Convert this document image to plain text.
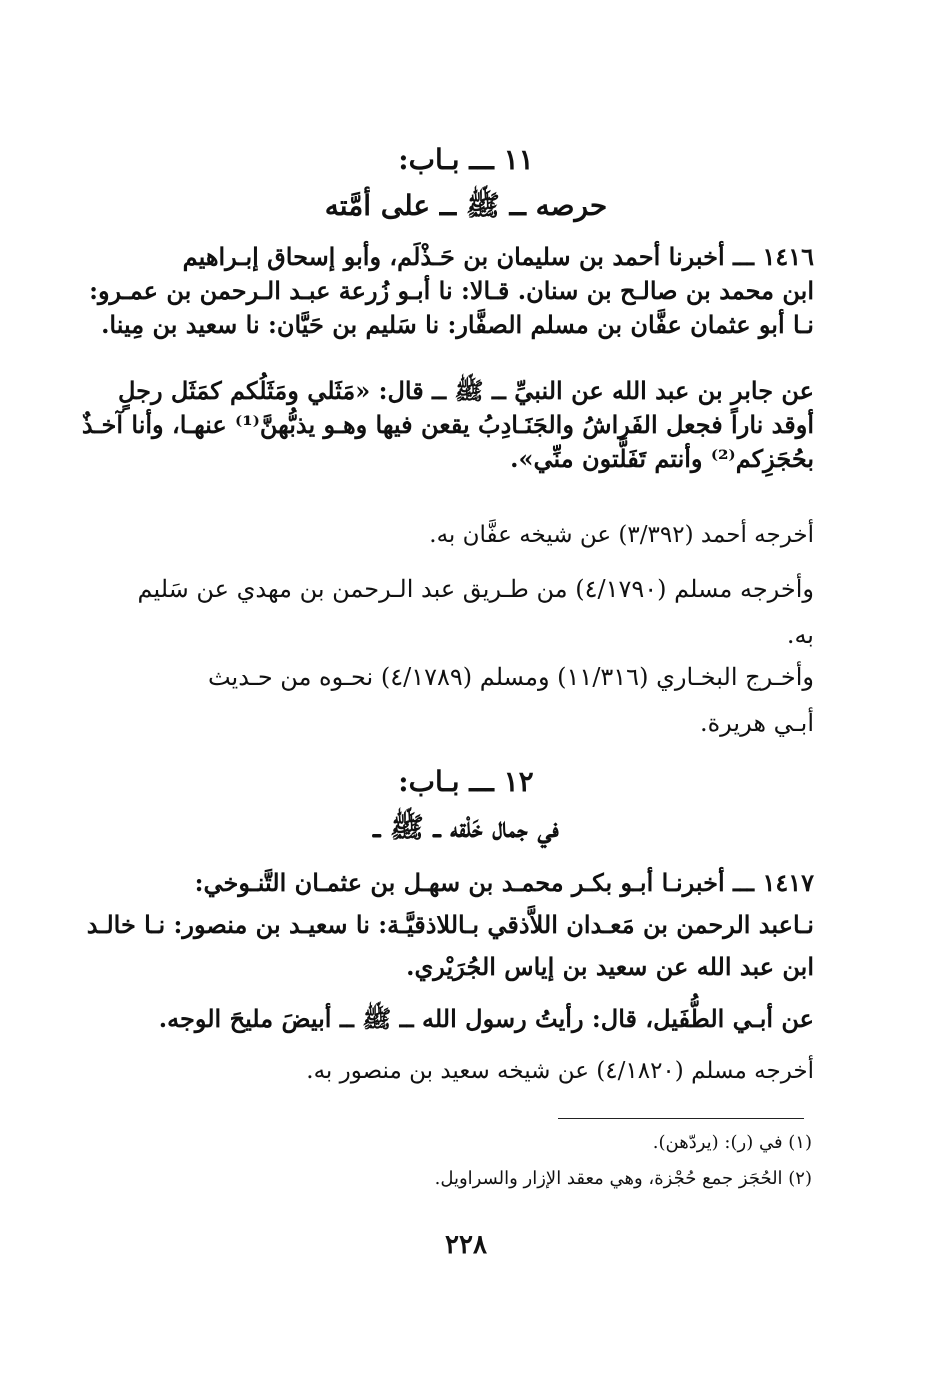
١١ ـــ بـاب:
حرصه ــ ﷺ ــ على أمَّته
١٤١٦ ـــ أخبرنا أحمد بن سليمان بن حَـذْلَم، وأبو إسحاق إبـراهيم
ابن محمد بن صالـح بن سنان. قـالا: نا أبـو زُرعة عبـد الـرحمن بن عمـرو:
نـا أبو عثمان عفَّان بن مسلم الصفَّار: نا سَليم بن حَيَّان: نا سعيد بن مِينا.
عن جابر بن عبد الله عن النبيِّ ــ ﷺ ــ قال: «مَثَلي ومَثَلُكم كمَثَل رجلٍ
أوقد ناراً فجعل الفَراشُ والجَنَـادِبُ يقعن فيها وهـو يذبُّهنَّ⁽¹⁾ عنهـا، وأنا آخـذٌ
بحُجَزِكم⁽²⁾ وأنتم تَفَلَّتون منِّي».
أخرجه أحمد (٣/٣٩٢) عن شيخه عفَّان به.
وأخرجه مسلم (٤/١٧٩٠) من طـريق عبد الـرحمن بن مهدي عن سَليم
به.
وأخـرج البخـاري (١١/٣١٦) ومسلم (٤/١٧٨٩) نحـوه من حـديث
أبـي هريرة.
١٢ ـــ بـاب:
في جمال خَلْقه ــ ﷺ ــ
١٤١٧ ـــ أخبرنـا أبـو بكـر محمـد بن سهـل بن عثمـان التَّنـوخي:
نـاعبد الرحمن بن مَعـدان اللاَّذقي بـاللاذقيَّـة: نا سعيـد بن منصور: نـا خالـد
ابن عبد الله عن سعيد بن إياس الجُرَيْري.
عن أبـي الطُّفَيل، قال: رأيتُ رسول الله ــ ﷺ ــ أبيضَ مليحَ الوجه.
أخرجه مسلم (٤/١٨٢٠) عن شيخه سعيد بن منصور به.
(١) في (ر): (يردّهن).
(٢) الحُجَز جمع حُجْزة، وهي معقد الإزار والسراويل.
٢٢٨
